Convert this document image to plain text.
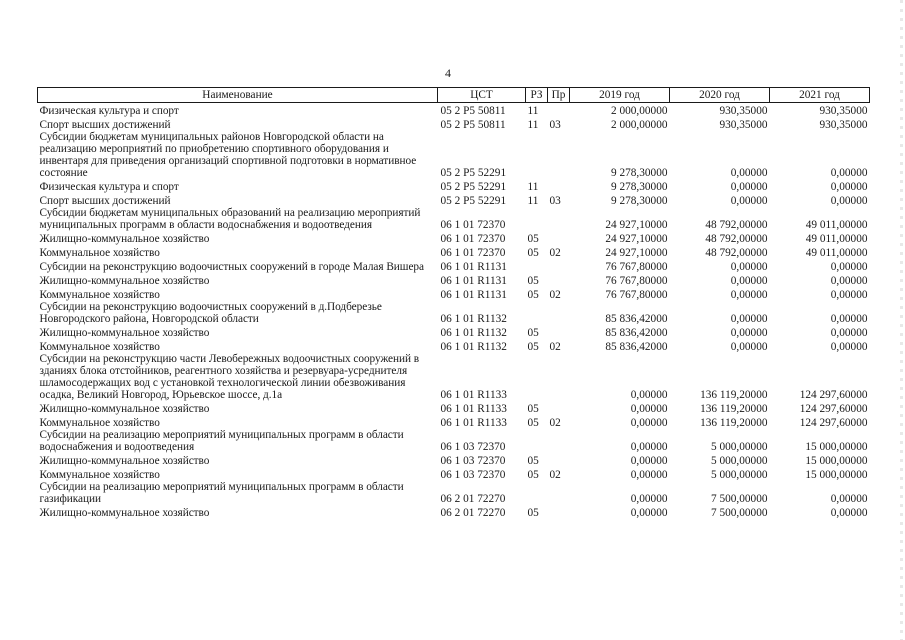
4
Наименование	ЦСТ	РЗ	Пр	2019 год	2020 год	2021 год
Физическая культура и спорт	05 2 Р5 50811	11		2 000,00000	930,35000	930,35000
Спорт высших достижений	05 2 Р5 50811	11	03	2 000,00000	930,35000	930,35000
Субсидии бюджетам муниципальных районов Новгородской области на реализацию мероприятий по приобретению спортивного оборудования и инвентаря для приведения организаций спортивной подготовки в нормативное состояние	05 2 Р5 52291			9 278,30000	0,00000	0,00000
Физическая культура и спорт	05 2 Р5 52291	11		9 278,30000	0,00000	0,00000
Спорт высших достижений	05 2 Р5 52291	11	03	9 278,30000	0,00000	0,00000
Субсидии бюджетам муниципальных образований на реализацию мероприятий муниципальных программ в области водоснабжения и водоотведения	06 1 01 72370			24 927,10000	48 792,00000	49 011,00000
Жилищно-коммунальное хозяйство	06 1 01 72370	05		24 927,10000	48 792,00000	49 011,00000
Коммунальное хозяйство	06 1 01 72370	05	02	24 927,10000	48 792,00000	49 011,00000
Субсидии на реконструкцию водоочистных сооружений в городе Малая Вишера	06 1 01 R1131			76 767,80000	0,00000	0,00000
Жилищно-коммунальное хозяйство	06 1 01 R1131	05		76 767,80000	0,00000	0,00000
Коммунальное хозяйство	06 1 01 R1131	05	02	76 767,80000	0,00000	0,00000
Субсидии на реконструкцию водоочистных сооружений в д.Подберезье Новгородского района, Новгородской области	06 1 01 R1132			85 836,42000	0,00000	0,00000
Жилищно-коммунальное хозяйство	06 1 01 R1132	05		85 836,42000	0,00000	0,00000
Коммунальное хозяйство	06 1 01 R1132	05	02	85 836,42000	0,00000	0,00000
Субсидии на реконструкцию части Левобережных водоочистных сооружений в зданиях блока отстойников, реагентного хозяйства и резервуара-усреднителя шламосодержащих вод с установкой технологической линии обезвоживания осадка, Великий Новгород, Юрьевское шоссе, д.1а	06 1 01 R1133			0,00000	136 119,20000	124 297,60000
Жилищно-коммунальное хозяйство	06 1 01 R1133	05		0,00000	136 119,20000	124 297,60000
Коммунальное хозяйство	06 1 01 R1133	05	02	0,00000	136 119,20000	124 297,60000
Субсидии на реализацию мероприятий муниципальных программ в области водоснабжения и водоотведения	06 1 03 72370			0,00000	5 000,00000	15 000,00000
Жилищно-коммунальное хозяйство	06 1 03 72370	05		0,00000	5 000,00000	15 000,00000
Коммунальное хозяйство	06 1 03 72370	05	02	0,00000	5 000,00000	15 000,00000
Субсидии на реализацию мероприятий муниципальных программ в области газификации	06 2 01 72270			0,00000	7 500,00000	0,00000
Жилищно-коммунальное хозяйство	06 2 01 72270	05		0,00000	7 500,00000	0,00000
